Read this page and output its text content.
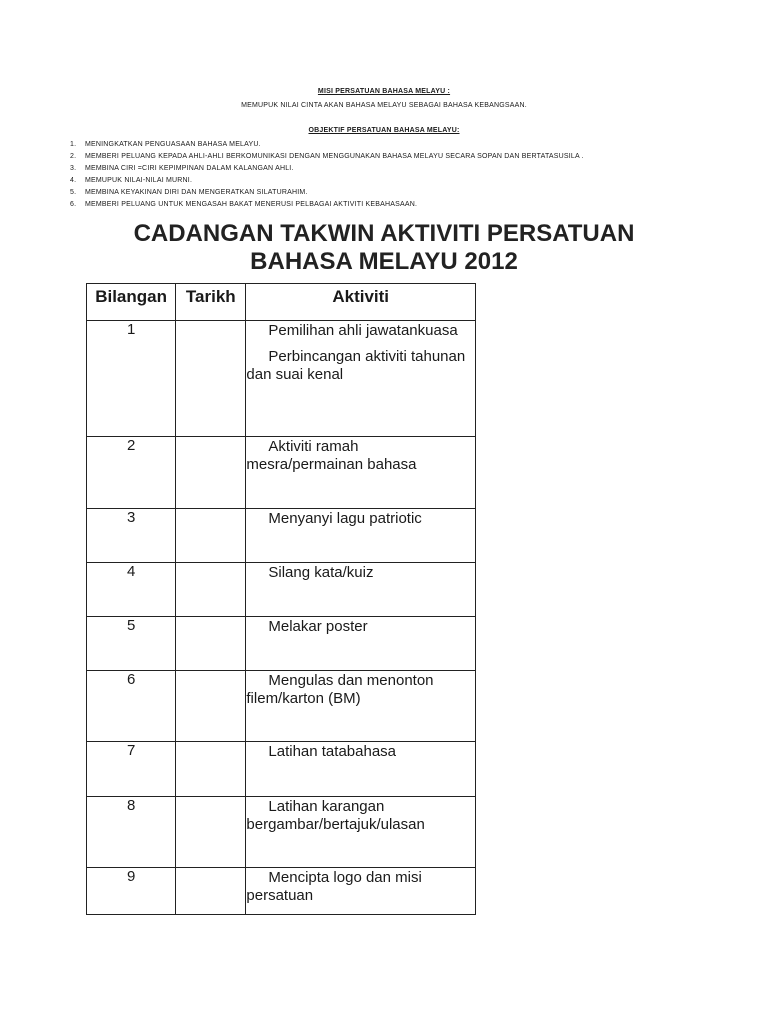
MISI PERSATUAN BAHASA MELAYU :
MEMUPUK NILAI CINTA AKAN BAHASA MELAYU SEBAGAI BAHASA KEBANGSAAN.
OBJEKTIF PERSATUAN BAHASA MELAYU:
1.	MENINGKATKAN PENGUASAAN BAHASA MELAYU.
2.	MEMBERI PELUANG KEPADA AHLI-AHLI BERKOMUNIKASI DENGAN MENGGUNAKAN BAHASA MELAYU SECARA SOPAN DAN BERTATASUSILA .
3.	MEMBINA CIRI =CIRI KEPIMPINAN DALAM KALANGAN AHLI.
4.	MEMUPUK NILAI-NILAI MURNI.
5.	MEMBINA KEYAKINAN DIRI DAN MENGERATKAN SILATURAHIM.
6.	MEMBERI PELUANG UNTUK MENGASAH BAKAT MENERUSI PELBAGAI AKTIVITI KEBAHASAAN.
CADANGAN TAKWIN AKTIVITI PERSATUAN
BAHASA MELAYU 2012
Bilangan	Tarikh	Aktiviti
1		Pemilihan ahli jawatankuasa
Perbincangan aktiviti tahunan dan suai kenal

2		Aktiviti ramah mesra/permainan bahasa

3		Menyanyi lagu patriotic

4		Silang kata/kuiz

5		Melakar poster

6		Mengulas dan menonton filem/karton (BM)

7		Latihan tatabahasa

8		Latihan karangan bergambar/bertajuk/ulasan

9		Mencipta logo dan misi persatuan
